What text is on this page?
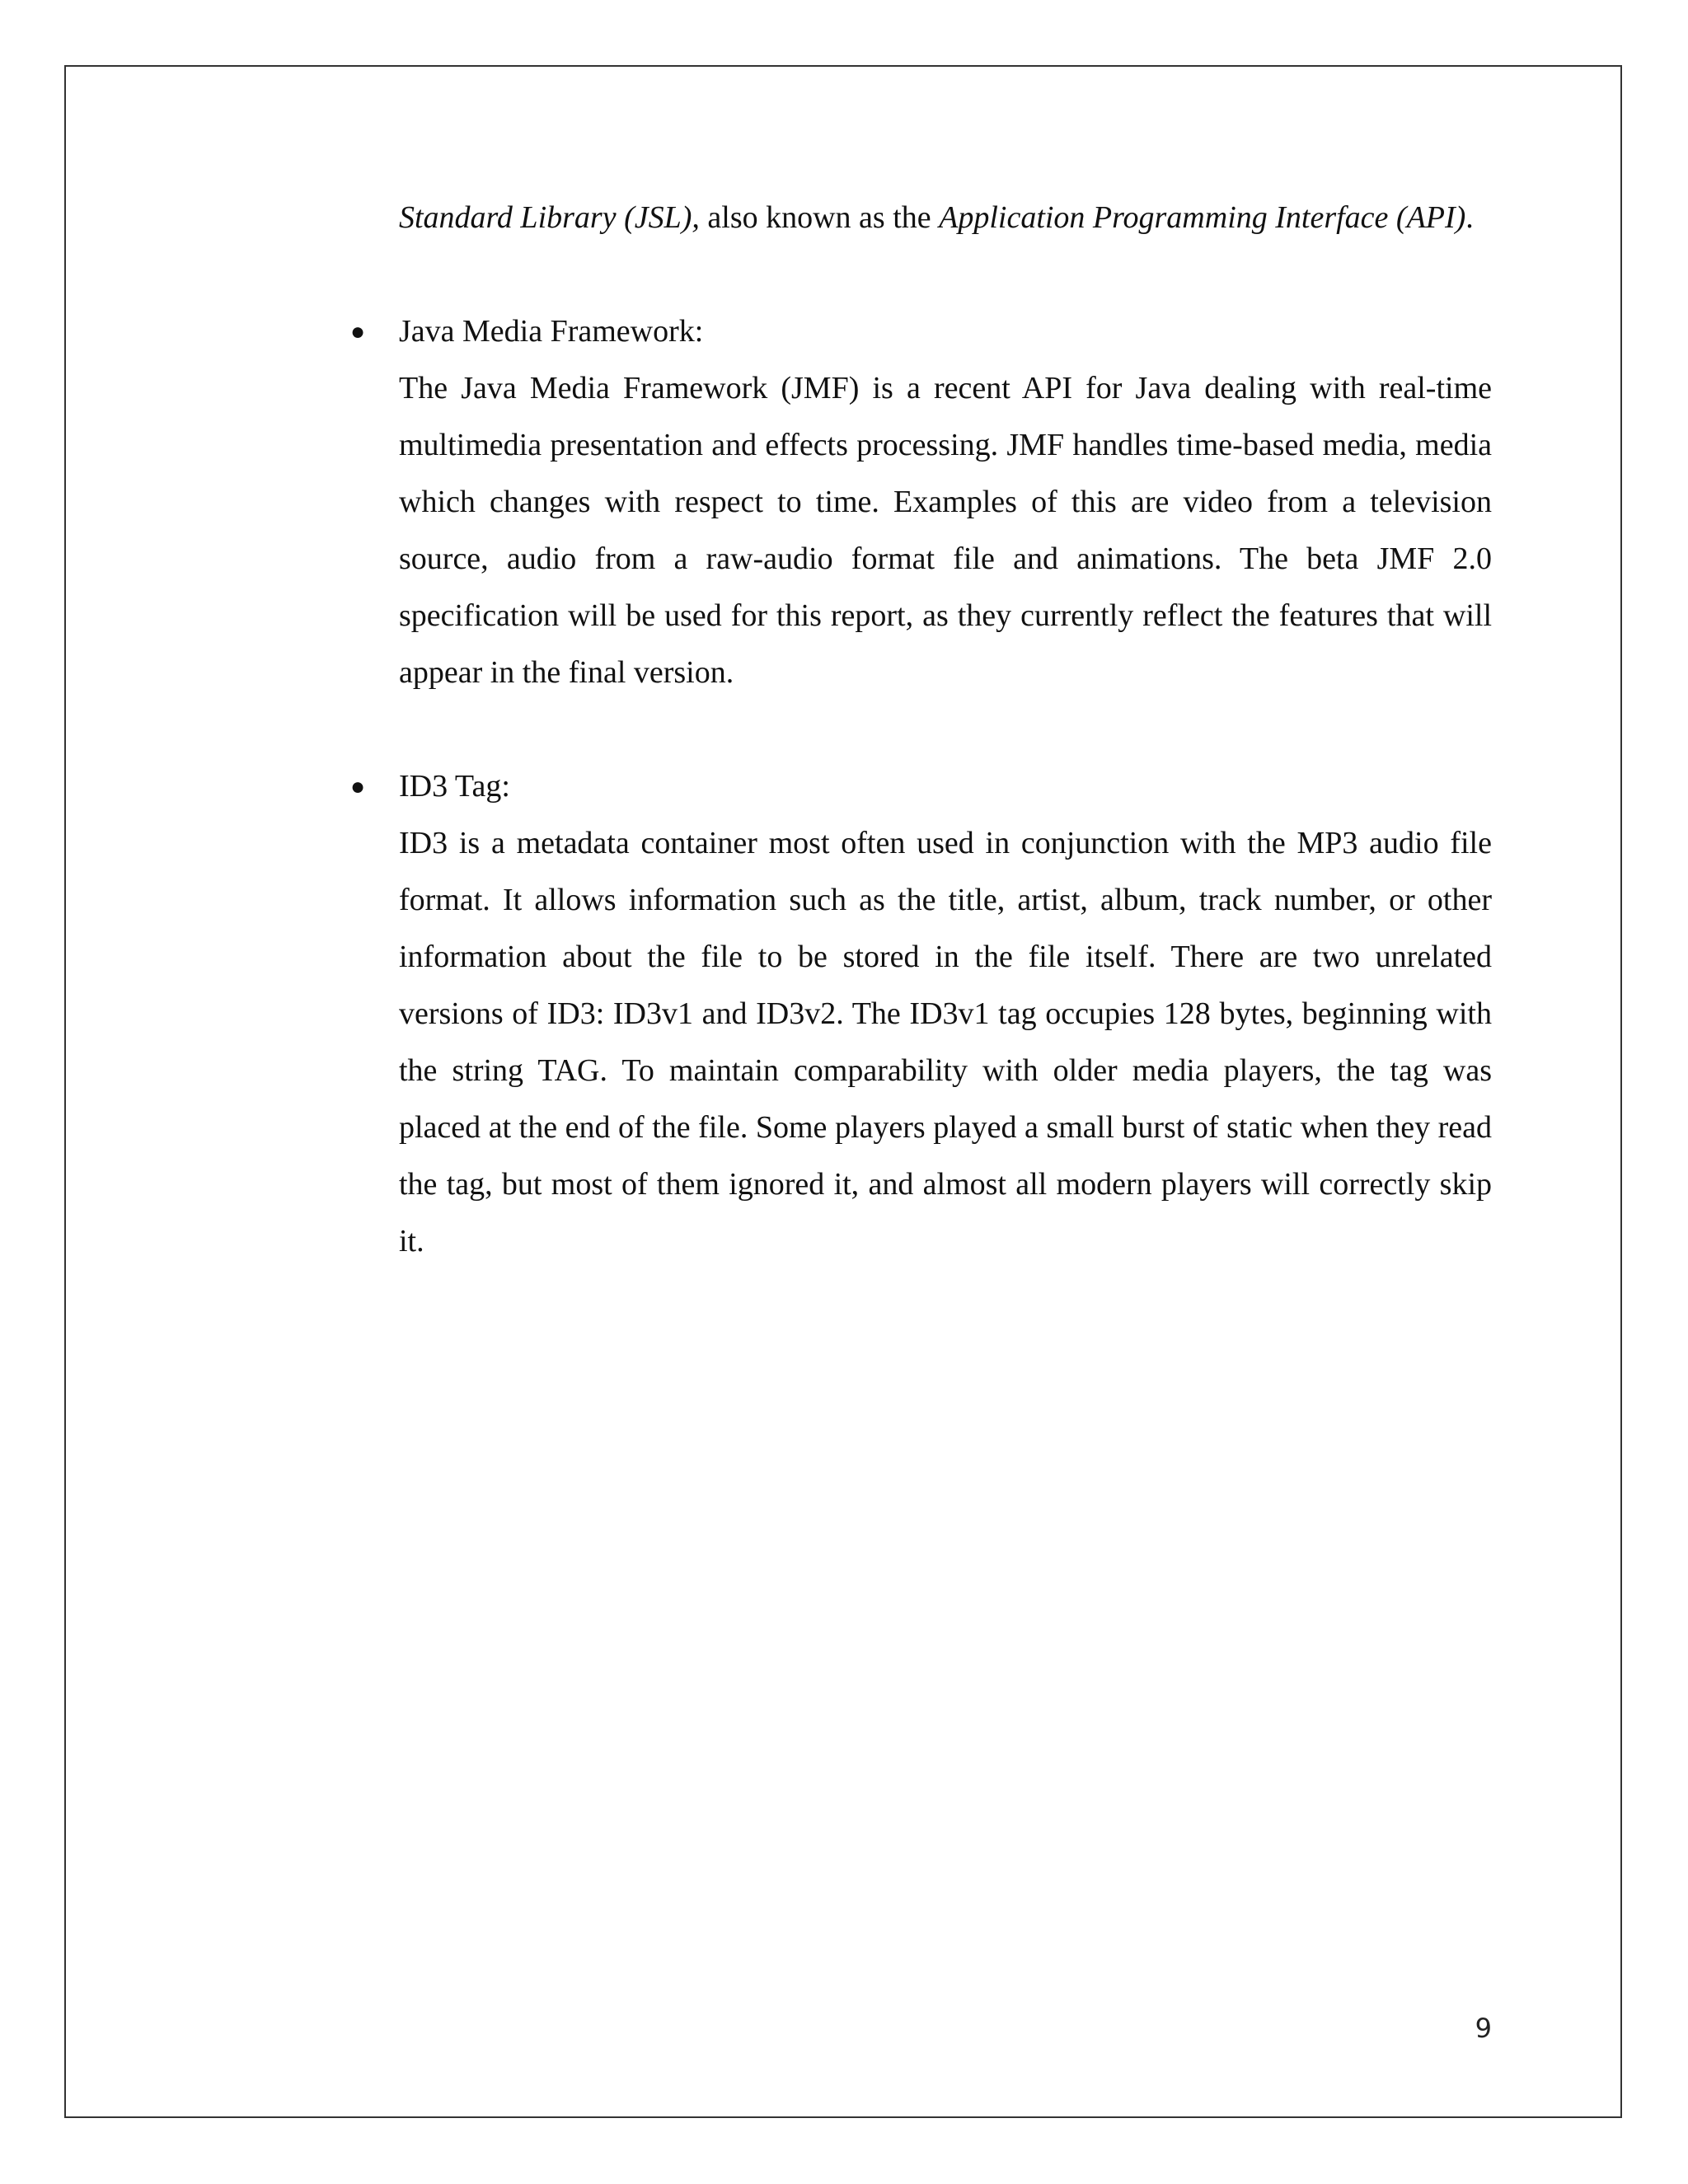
Standard Library (JSL), also known as the Application Programming Interface (API).

● Java Media Framework:

The Java Media Framework (JMF) is a recent API for Java dealing with real-time multimedia presentation and effects processing. JMF handles time-based media, media which changes with respect to time. Examples of this are video from a television source, audio from a raw-audio format file and animations. The beta JMF 2.0 specification will be used for this report, as they currently reflect the features that will appear in the final version.

● ID3 Tag:

ID3 is a metadata container most often used in conjunction with the MP3 audio file format. It allows information such as the title, artist, album, track number, or other information about the file to be stored in the file itself. There are two unrelated versions of ID3: ID3v1 and ID3v2. The ID3v1 tag occupies 128 bytes, beginning with the string TAG. To maintain comparability with older media players, the tag was placed at the end of the file. Some players played a small burst of static when they read the tag, but most of them ignored it, and almost all modern players will correctly skip it.

9
